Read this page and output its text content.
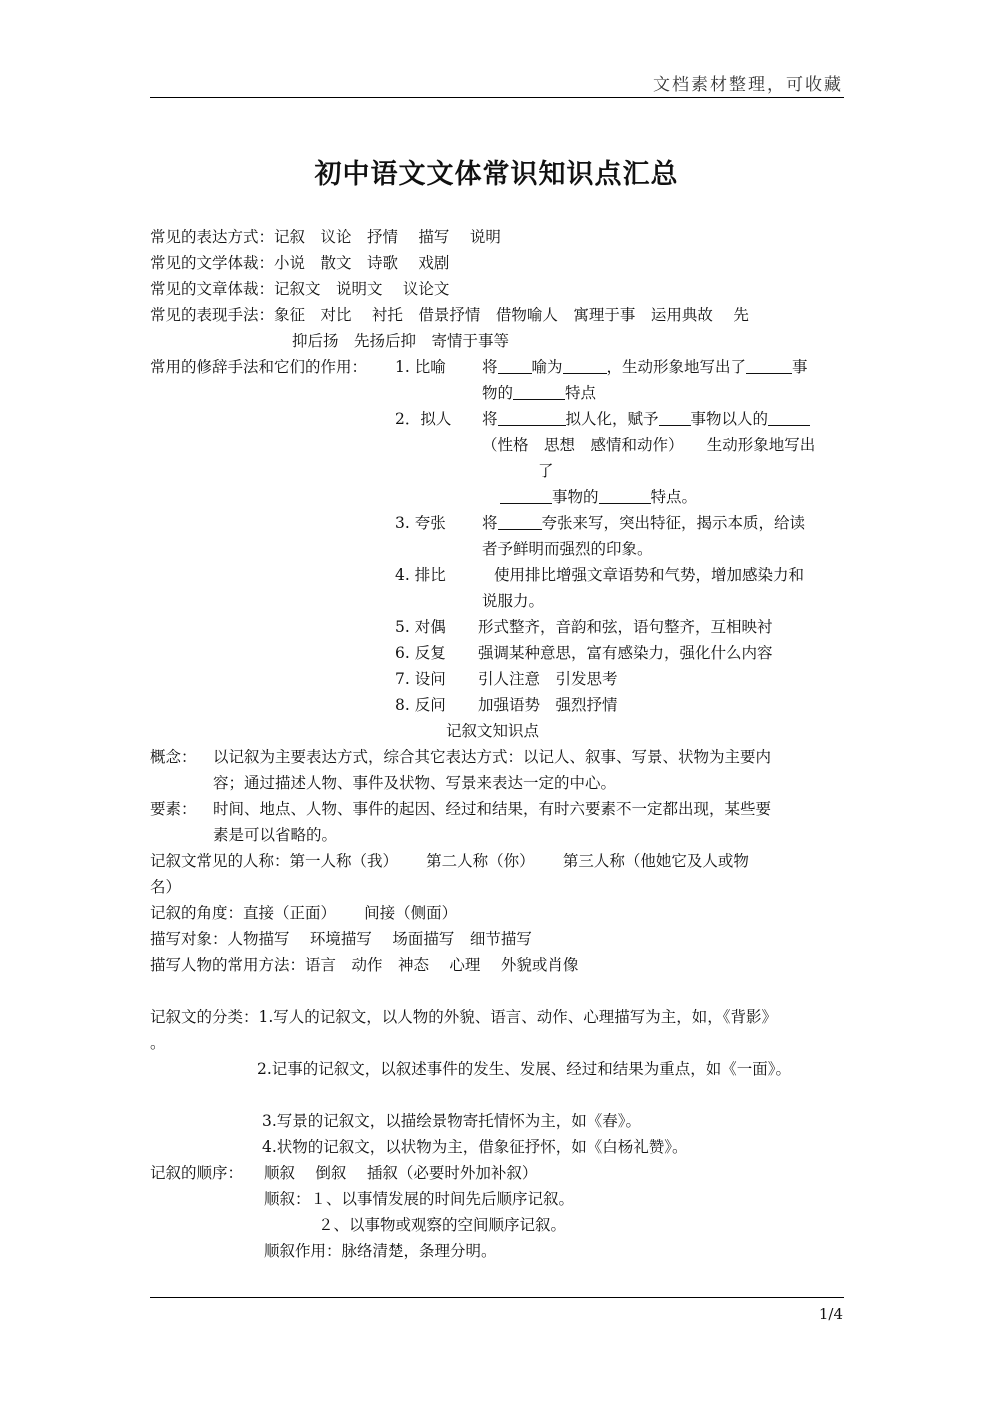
文档素材整理，可收藏
初中语文文体常识知识点汇总
常见的表达方式：记叙　议论　抒情　 描写　 说明
常见的文学体裁：小说　散文　诗歌　 戏剧
常见的文章体裁：记叙文　说明文　 议论文
常见的表现手法：象征　对比　 衬托　借景抒情　借物喻人　寓理于事　运用典故　 先
抑后扬　先扬后抑　寄情于事等
常用的修辞手法和它们的作用： 1. 比喻 将 喻为	，生动形象地写出了	事
物的	特点
2．拟人 将	拟人化，赋予 事物以人的
（性格　思想　感情和动作）　　生动形象地写出
了
事物的	特点。
3. 夸张 将	夸张来写，突出特征，揭示本质，给读
者予鲜明而强烈的印象。
4. 排比	使用排比增强文章语势和气势，增加感染力和
说服力。
5. 对偶 形式整齐，音韵和弦，语句整齐，互相映衬
6. 反复 强调某种意思，富有感染力，强化什么内容
7. 设问 引人注意　引发思考
8. 反问 加强语势　强烈抒情
记叙文知识点
概念： 以记叙为主要表达方式，综合其它表达方式：以记人、叙事、写景、状物为主要内
容；通过描述人物、事件及状物、写景来表达一定的中心。
要素： 时间、地点、人物、事件的起因、经过和结果，有时六要素不一定都出现，某些要
素是可以省略的。
记叙文常见的人称：第一人称（我）　　 第二人称（你）　　 第三人称（他她它及人或物
名）
记叙的角度：直接（正面）　　 间接（侧面）
描写对象：人物描写　 环境描写　 场面描写　细节描写
描写人物的常用方法：语言　动作　神态　 心理　 外貌或肖像
记叙文的分类：1.写人的记叙文，以人物的外貌、语言、动作、心理描写为主，如，《背影》
。
2.记事的记叙文，以叙述事件的发生、发展、经过和结果为重点，如《一面》。
3.写景的记叙文，以描绘景物寄托情怀为主，如《春》。
4.状物的记叙文，以状物为主，借象征抒怀，如《白杨礼赞》。
记叙的顺序： 顺叙　 倒叙　 插叙（必要时外加补叙）
顺叙：１、以事情发展的时间先后顺序记叙。
２、以事物或观察的空间顺序记叙。
顺叙作用：脉络清楚，条理分明。
1/4
